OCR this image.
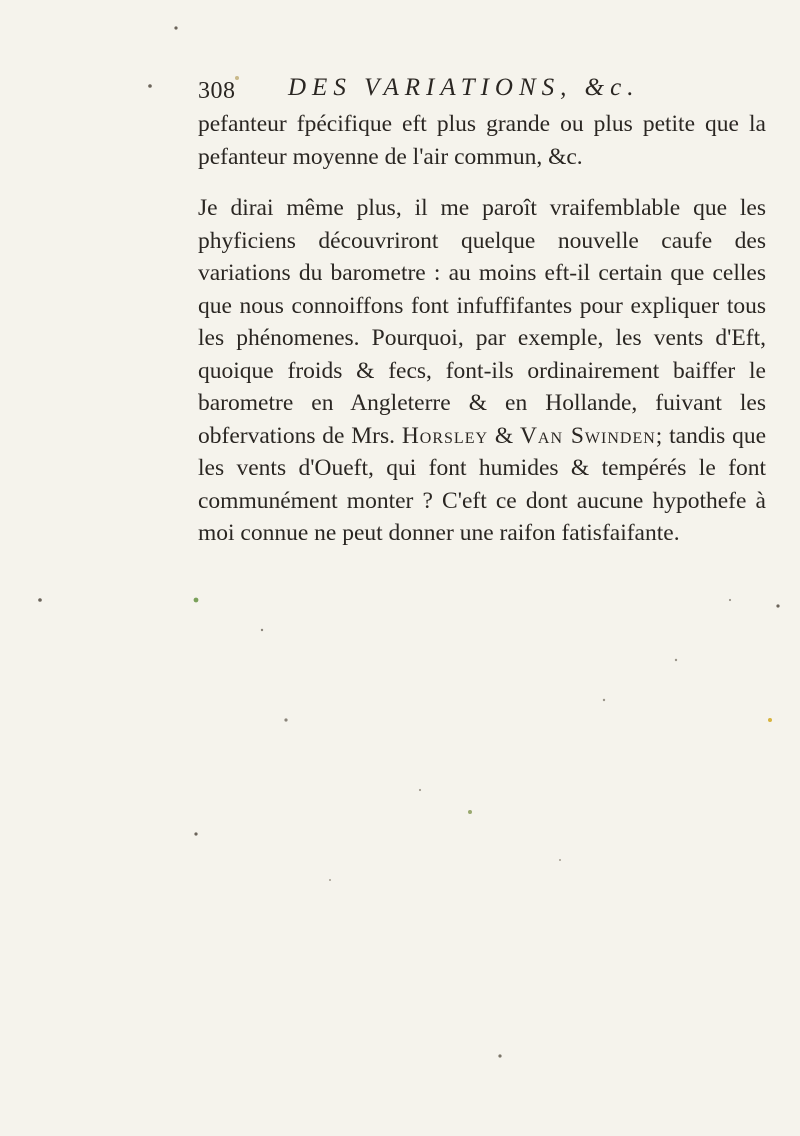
308 DES VARIATIONS, &c.

pefanteur fpécifique eft plus grande ou plus petite que la pefanteur moyenne de l'air commun, &c.

Je dirai même plus, il me paroît vraifemblable que les phyficiens découvriront quelque nouvelle caufe des variations du barometre : au moins eft-il certain que celles que nous connoiffons font infuffifantes pour expliquer tous les phénomenes. Pourquoi, par exemple, les vents d'Eft, quoique froids & fecs, font-ils ordinairement baiffer le barometre en Angleterre & en Hollande, fuivant les obfervations de Mrs. Horsley & Van Swinden; tandis que les vents d'Oueft, qui font humides & tempérés le font communément monter ? C'eft ce dont aucune hypothefe à moi connue ne peut donner une raifon fatisfaifante.
